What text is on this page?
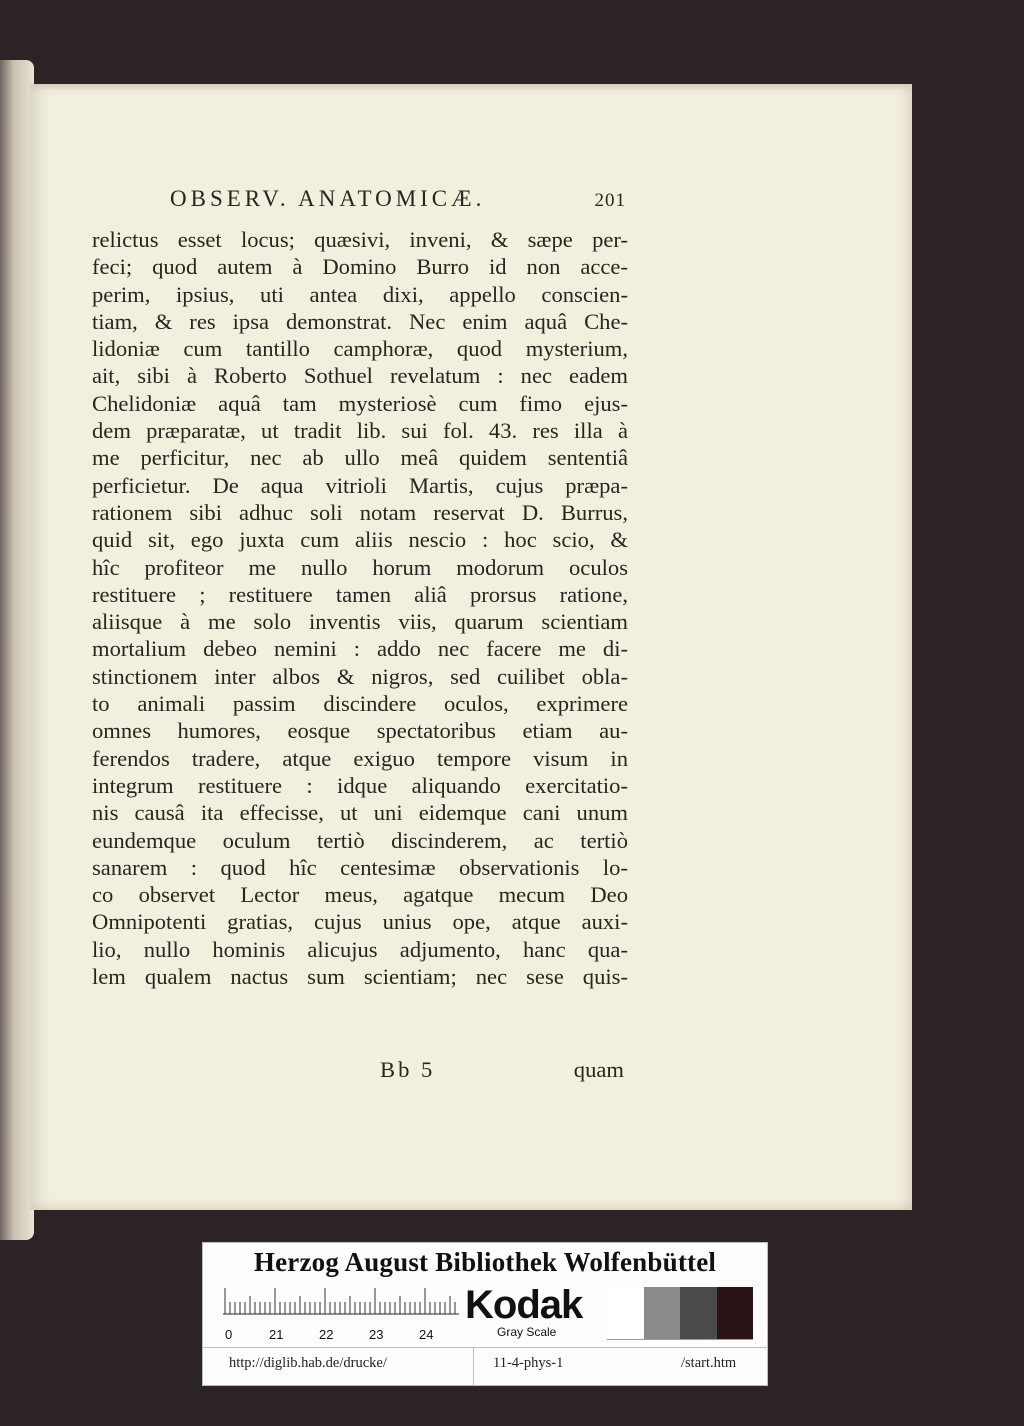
OBSERV. ANATOMICÆ.	201
relictus esset locus; quæsivi, inveni, & sæpe per-
feci; quod autem à Domino Burro id non acce-
perim, ipsius, uti antea dixi, appello conscien-
tiam, & res ipsa demonstrat. Nec enim aquâ Che-
lidoniæ cum tantillo camphoræ, quod mysterium,
ait, sibi à Roberto Sothuel revelatum : nec eadem
Chelidoniæ aquâ tam mysteriosè cum fimo ejus-
dem præparatæ, ut tradit lib. sui fol. 43. res illa à
me perficitur, nec ab ullo meâ quidem sententiâ
perficietur. De aqua vitrioli Martis, cujus præpa-
rationem sibi adhuc soli notam reservat D. Burrus,
quid sit, ego juxta cum aliis nescio : hoc scio, &
hîc profiteor me nullo horum modorum oculos
restituere ; restituere tamen aliâ prorsus ratione,
aliisque à me solo inventis viis, quarum scientiam
mortalium debeo nemini : addo nec facere me di-
stinctionem inter albos & nigros, sed cuilibet obla-
to animali passim discindere oculos, exprimere
omnes humores, eosque spectatoribus etiam au-
ferendos tradere, atque exiguo tempore visum in
integrum restituere : idque aliquando exercitatio-
nis causâ ita effecisse, ut uni eidemque cani unum
eundemque oculum tertiò discinderem, ac tertiò
sanarem : quod hîc centesimæ observationis lo-
co observet Lector meus, agatque mecum Deo
Omnipotenti gratias, cujus unius ope, atque auxi-
lio, nullo hominis alicujus adjumento, hanc qua-
lem qualem nactus sum scientiam; nec sese quis-
Bb 5	quam
Herzog August Bibliothek Wolfenbüttel
0	21	22	23	24
Kodak
Gray Scale
http://diglib.hab.de/drucke/	11-4-phys-1	/start.htm
